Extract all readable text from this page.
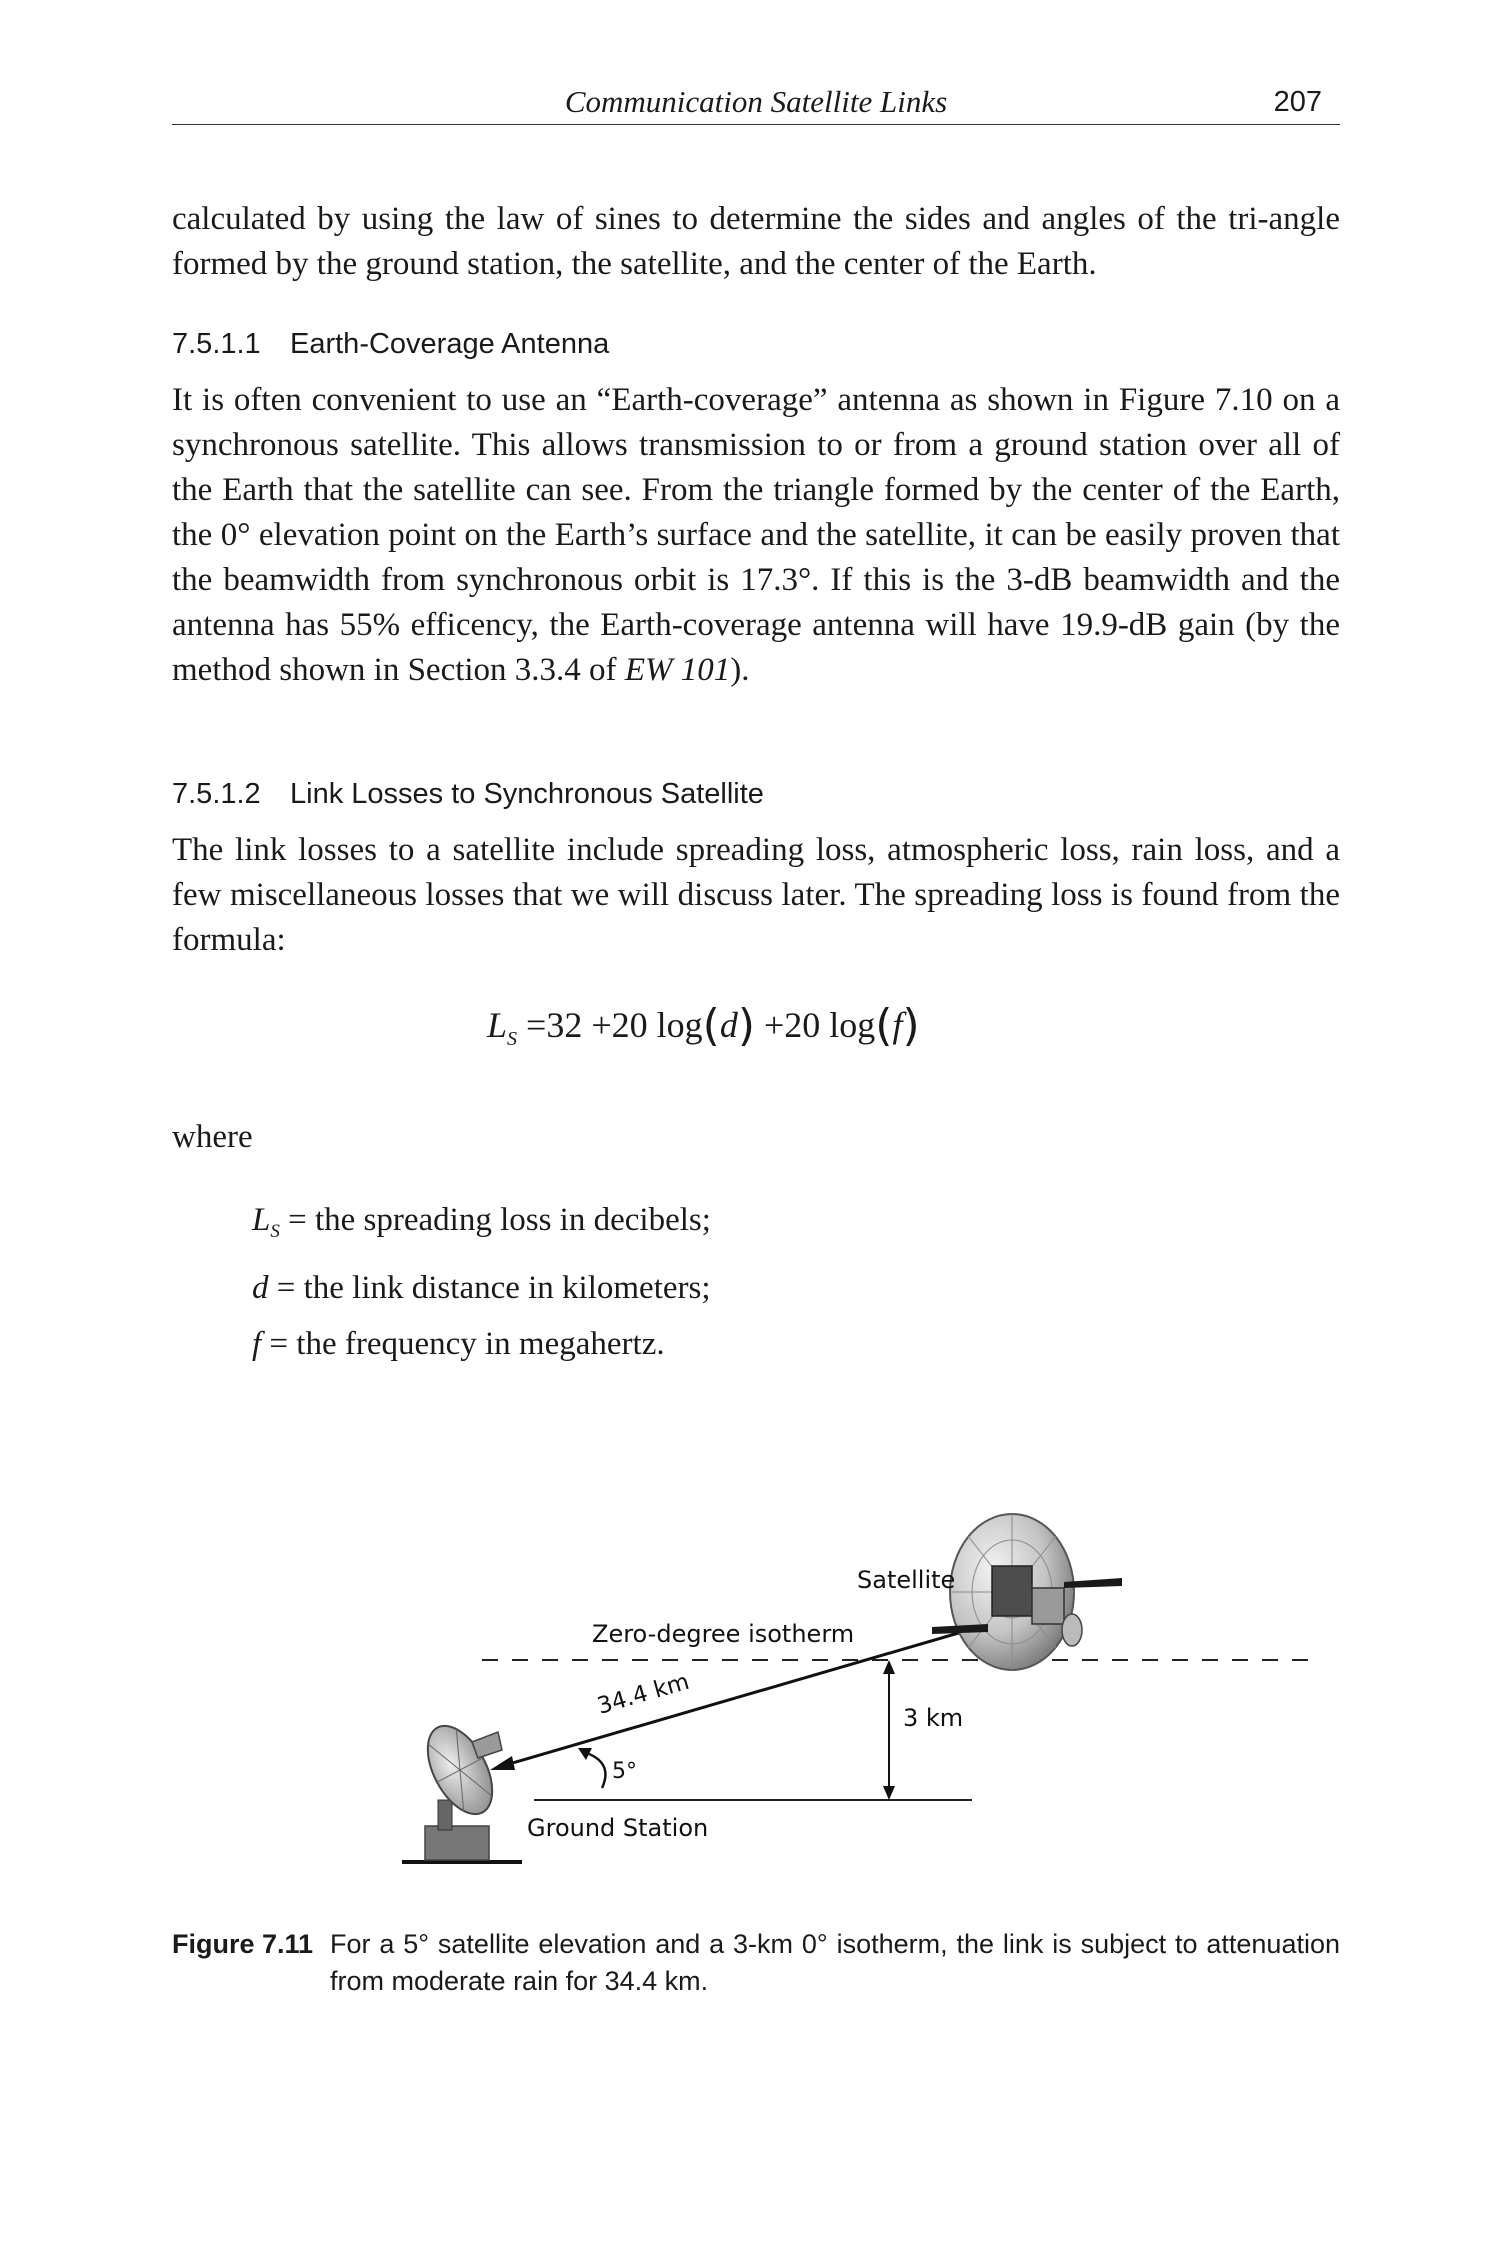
Communication Satellite Links	207

calculated by using the law of sines to determine the sides and angles of the tri-angle formed by the ground station, the satellite, and the center of the Earth.

7.5.1.1 Earth-Coverage Antenna

It is often convenient to use an “Earth-coverage” antenna as shown in Figure 7.10 on a synchronous satellite. This allows transmission to or from a ground station over all of the Earth that the satellite can see. From the triangle formed by the center of the Earth, the 0° elevation point on the Earth’s surface and the satellite, it can be easily proven that the beamwidth from synchronous orbit is 17.3°. If this is the 3-dB beamwidth and the antenna has 55% efficency, the Earth-coverage antenna will have 19.9-dB gain (by the method shown in Section 3.3.4 of EW 101).

7.5.1.2 Link Losses to Synchronous Satellite

The link losses to a satellite include spreading loss, atmospheric loss, rain loss, and a few miscellaneous losses that we will discuss later. The spreading loss is found from the formula:

$L_S =32 +20$ log(d) +20 log(f)

where

$L_S$ = the spreading loss in decibels;
d = the link distance in kilometers;
f = the frequency in megahertz.
Satellite
Zero-degree isotherm
34.4 km	3 km
5°
Ground Station
Figure 7.11 For a 5° satellite elevation and a 3-km 0° isotherm, the link is subject to attenuation from moderate rain for 34.4 km.
